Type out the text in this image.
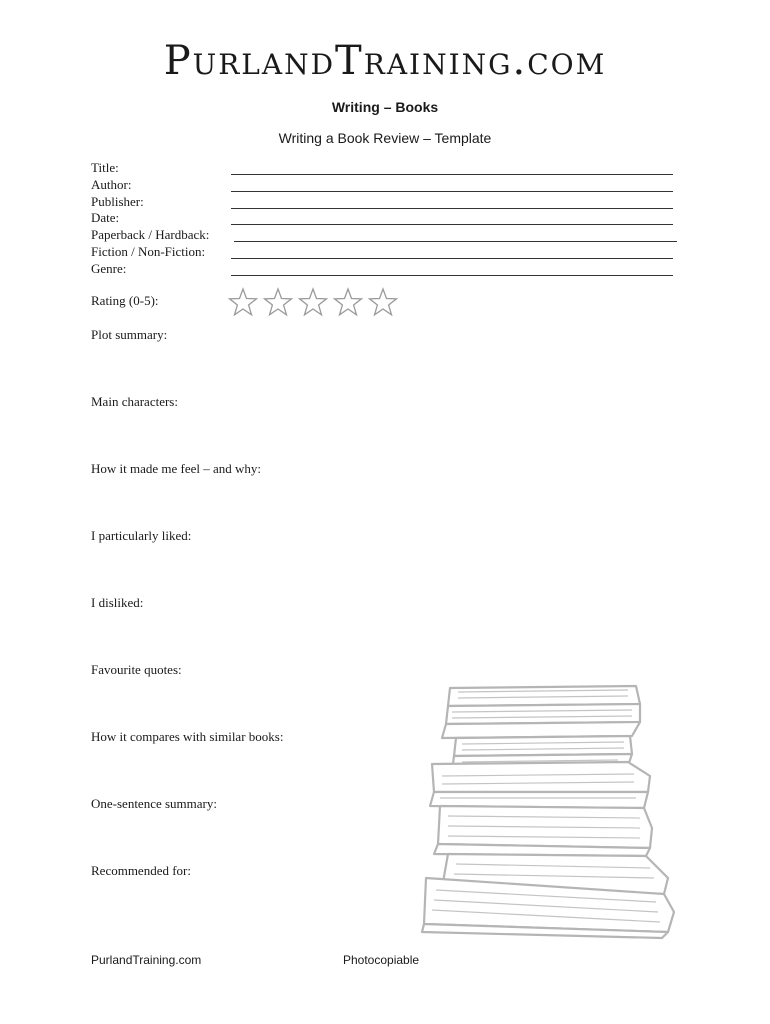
PurlandTraining.com
Writing – Books
Writing a Book Review – Template
Title:
Author:
Publisher:
Date:
Paperback / Hardback:
Fiction / Non-Fiction:
Genre:
Rating (0-5):
Plot summary:
Main characters:
How it made me feel – and why:
I particularly liked:
I disliked:
Favourite quotes:
How it compares with similar books:
One-sentence summary:
Recommended for:
PurlandTraining.com	Photocopiable
